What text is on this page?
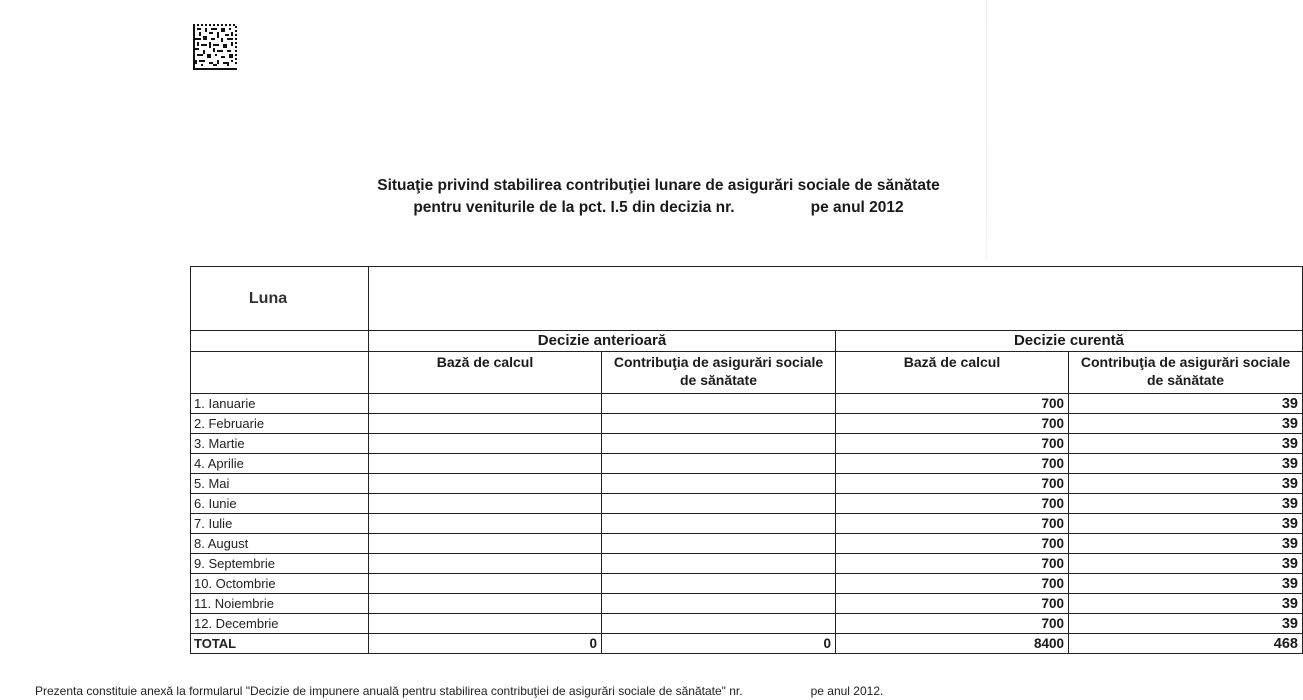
Situaţie privind stabilirea contribuţiei lunare de asigurări sociale de sănătate
pentru veniturile de la pct. I.5 din decizia nr.	pe anul 2012
Luna				
	Decizie anterioară		Decizie curentă	
	Bază de calcul	Contribuţia de asigurări sociale de sănătate	Bază de calcul	Contribuţia de asigurări sociale de sănătate
1. Ianuarie			700	39
2. Februarie			700	39
3. Martie			700	39
4. Aprilie			700	39
5. Mai			700	39
6. Iunie			700	39
7. Iulie			700	39
8. August			700	39
9. Septembrie			700	39
10. Octombrie			700	39
11. Noiembrie			700	39
12. Decembrie			700	39
TOTAL	0	0	8400	468
Prezenta constituie anexă la formularul "Decizie de impunere anuală pentru stabilirea contribuţiei de asigurări sociale de sănătate" nr.	pe anul 2012.
